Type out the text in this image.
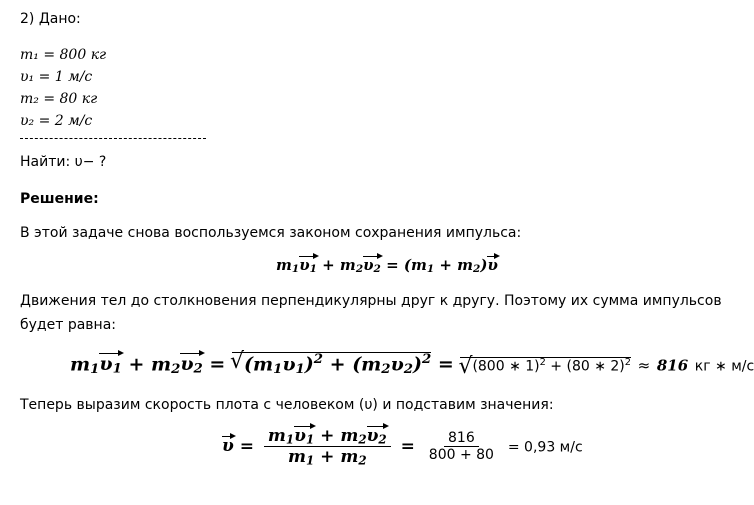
2) Дано:
m₁ = 800 кг
υ₁ = 1 м/с
m₂ = 80 кг
υ₂ = 2 м/с
Найти: υ− ?
Решение:
В этой задаче снова воспользуемся законом сохранения импульса:
m1υ1 + m2υ2 = (m1 + m2)υ
Движения тел до столкновения перпендикулярны друг к другу. Поэтому их сумма импульсов
будет равна:
m1υ1 + m2υ2 = √ $(m1\upsilon 1)^2 + (m2\upsilon 2)^2$ = √ (800 ∗ 1)$^2$ + (80 ∗ 2)$^2$ ≈ 816 кг ∗ м/с
Теперь выразим скорость плота с человеком (υ) и подставим значения:
$\upsilon = \frac{m1\upsilon 1 + m2\upsilon 2}{m1 + m2} = \frac{816}{800 + 80} = 0,93$ м/с
